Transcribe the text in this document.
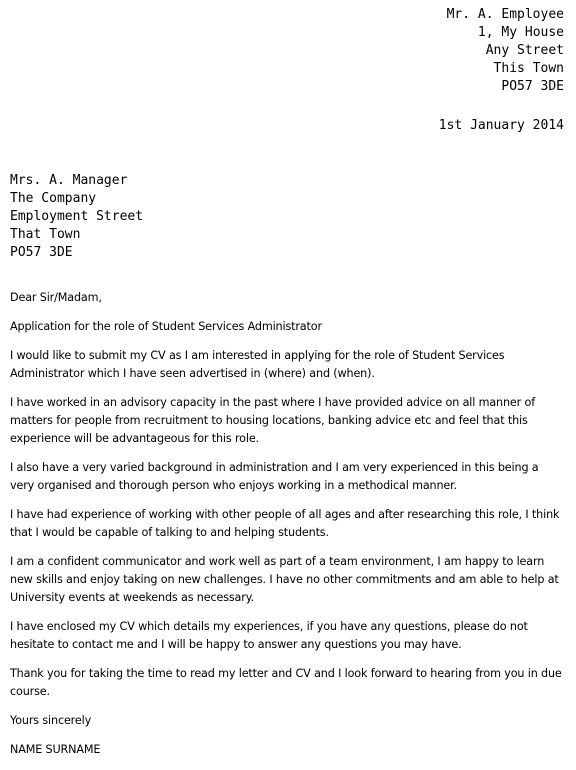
Mr. A. Employee
1, My House
Any Street
This Town
PO57 3DE
1st January 2014
Mrs. A. Manager
The Company
Employment Street
That Town
PO57 3DE

Dear Sir/Madam,

Application for the role of Student Services Administrator

I would like to submit my CV as I am interested in applying for the role of Student Services Administrator which I have seen advertised in (where) and (when).

I have worked in an advisory capacity in the past where I have provided advice on all manner of matters for people from recruitment to housing locations, banking advice etc and feel that this experience will be advantageous for this role.

I also have a very varied background in administration and I am very experienced in this being a very organised and thorough person who enjoys working in a methodical manner.

I have had experience of working with other people of all ages and after researching this role, I think that I would be capable of talking to and helping students.

I am a confident communicator and work well as part of a team environment, I am happy to learn new skills and enjoy taking on new challenges. I have no other commitments and am able to help at University events at weekends as necessary.

I have enclosed my CV which details my experiences, if you have any questions, please do not hesitate to contact me and I will be happy to answer any questions you may have.

Thank you for taking the time to read my letter and CV and I look forward to hearing from you in due course.

Yours sincerely

NAME SURNAME
